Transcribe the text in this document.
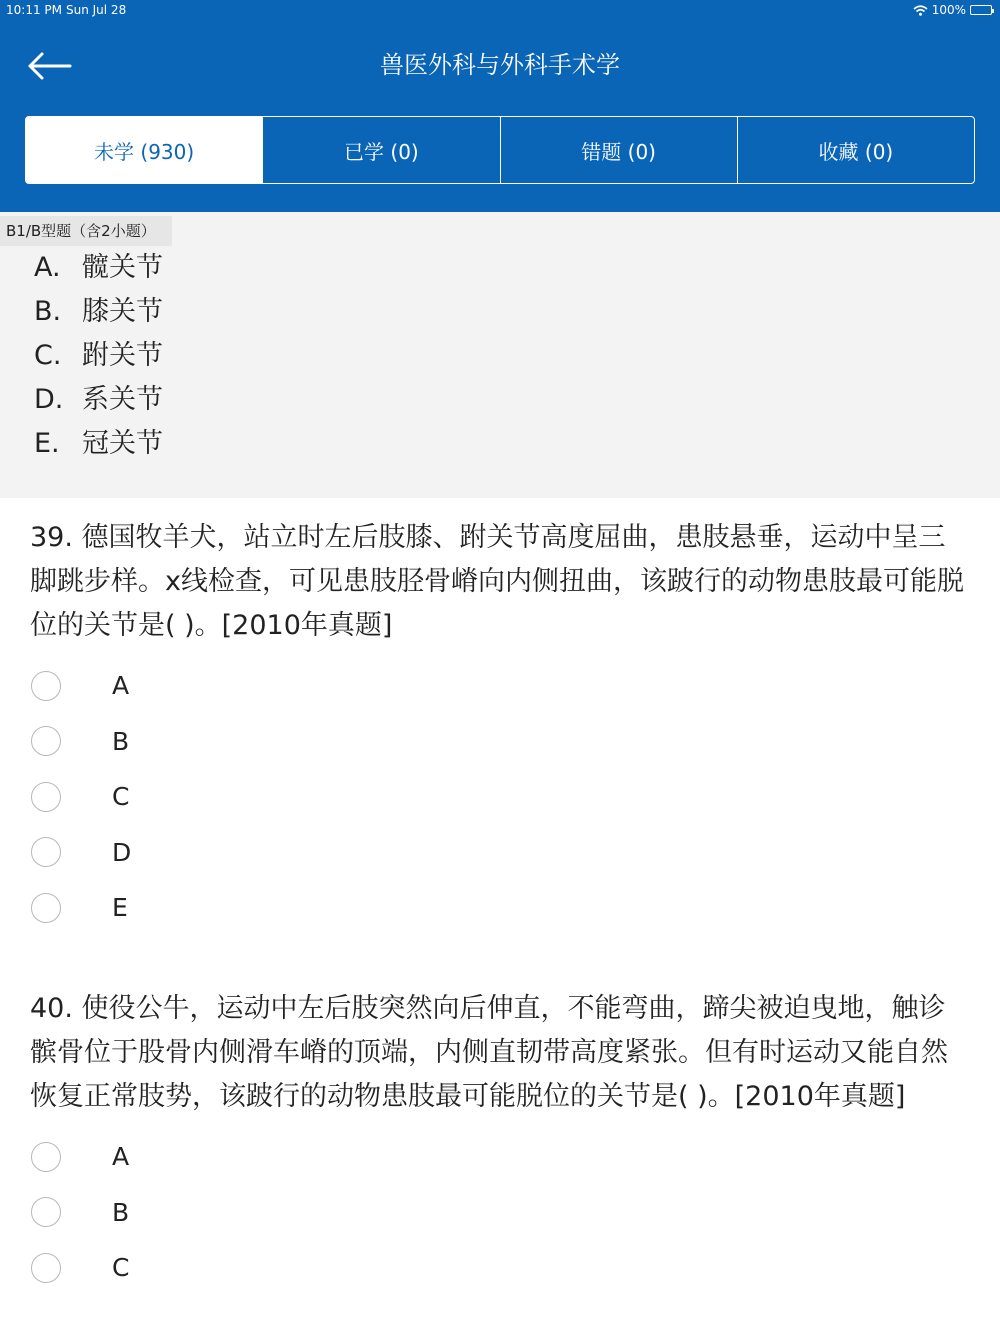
10:11 PM Sun Jul 28	100%
兽医外科与外科手术学
未学 (930)	已学 (0)	错题 (0)	收藏 (0)
B1/B型题（含2小题）
A. 髋关节
B. 膝关节
C. 跗关节
D. 系关节
E. 冠关节

39. 德国牧羊犬，站立时左后肢膝、跗关节高度屈曲，患肢悬垂，运动中呈三脚跳步样。x线检查，可见患肢胫骨嵴向内侧扭曲，该跛行的动物患肢最可能脱位的关节是( )。[2010年真题]

A
B
C
D
E

40. 使役公牛，运动中左后肢突然向后伸直，不能弯曲，蹄尖被迫曳地，触诊髌骨位于股骨内侧滑车嵴的顶端，内侧直韧带高度紧张。但有时运动又能自然恢复正常肢势，该跛行的动物患肢最可能脱位的关节是( )。[2010年真题]

A
B
C
